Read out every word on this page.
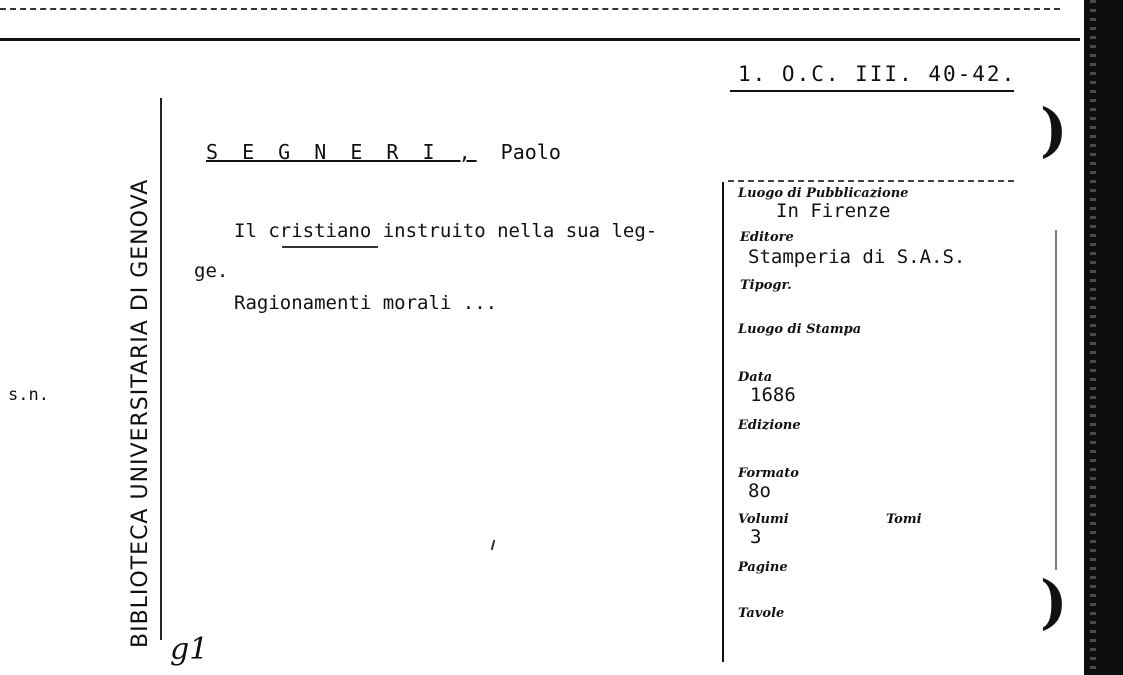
BIBLIOTECA UNIVERSITARIA DI GENOVA
1. O.C. III. 40-42.
S E G N E R I , Paolo
Il cristiano instruito nella sua leg-
ge.
Ragionamenti morali ...
s.n.
g1
Luogo di Pubblicazione
In Firenze
Editore
Stamperia di S.A.S.
Tipogr.
Luogo di Stampa
Data
1686
Edizione
Formato
8o
Volumi	Tomi
3
Pagine
Tavole
)
)
